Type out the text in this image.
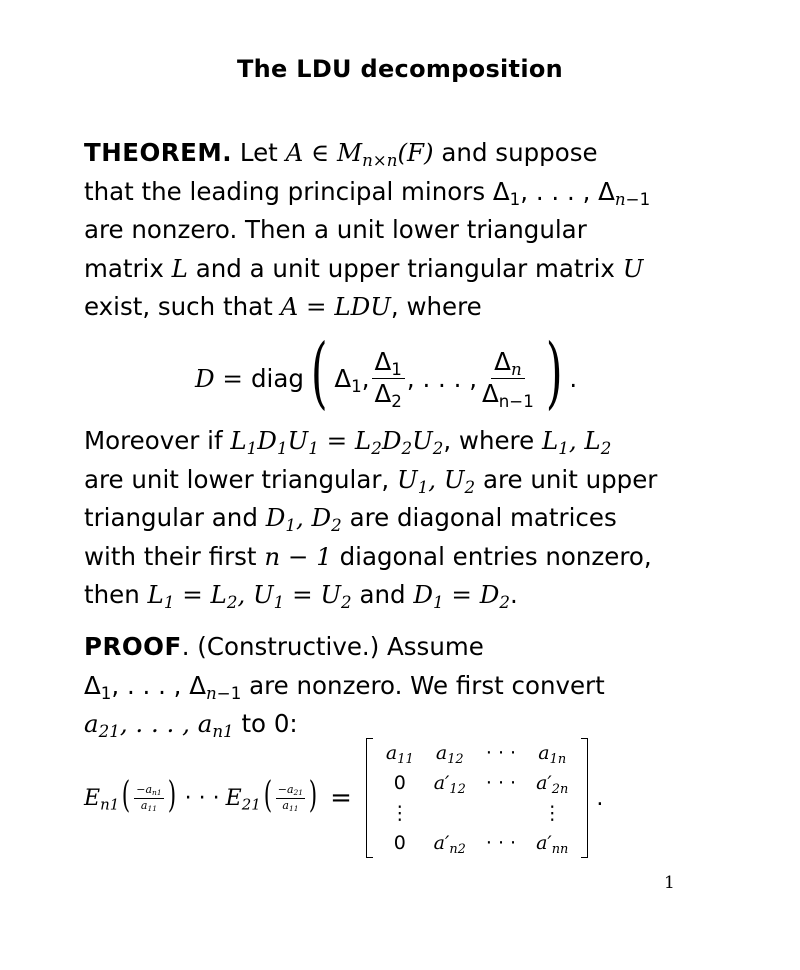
The LDU decomposition
THEOREM. Let A ∈ $M_{n\times n}(F)$ and suppose
that the leading principal minors $\Delta_1$, . . . , $\Delta_{n-1}$
are nonzero. Then a unit lower triangular
matrix L and a unit upper triangular matrix U
exist, such that A = LDU, where
D = diag ( $\Delta_1$, $\frac{\Delta_1}{\Delta_2}$ , . . . , $\frac{\Delta_n}{\Delta_{n-1}}$ ) .
Moreover if $L_1D_1U_1 = L_2D_2U_2$, where $L_1$, $L_2$
are unit lower triangular, $U_1$, $U_2$ are unit upper
triangular and $D_1$, $D_2$ are diagonal matrices
with their first n − 1 diagonal entries nonzero,
then $L_1 = L_2$, $U_1 = U_2$ and $D_1 = D_2$.
PROOF. (Constructive.) Assume
$\Delta_1$, . . . , $\Delta_{n-1}$ are nonzero. We first convert
$a_{21}$, . . . , $a_{n1}$ to 0:
$E_{n1}$ ( $\frac{-a_{n1}}{a_{11}}$ ) · · · $E_{21}$ ( $\frac{-a_{21}}{a_{11}}$ ) =
$a_{11}$	$a_{12}$	· · ·	$a_{1n}$
0	$a'_{12}$	· · ·	$a'_{2n}$
⋮			⋮
0	$a'_{n2}$	· · ·	$a'_{nn}$
.
1
